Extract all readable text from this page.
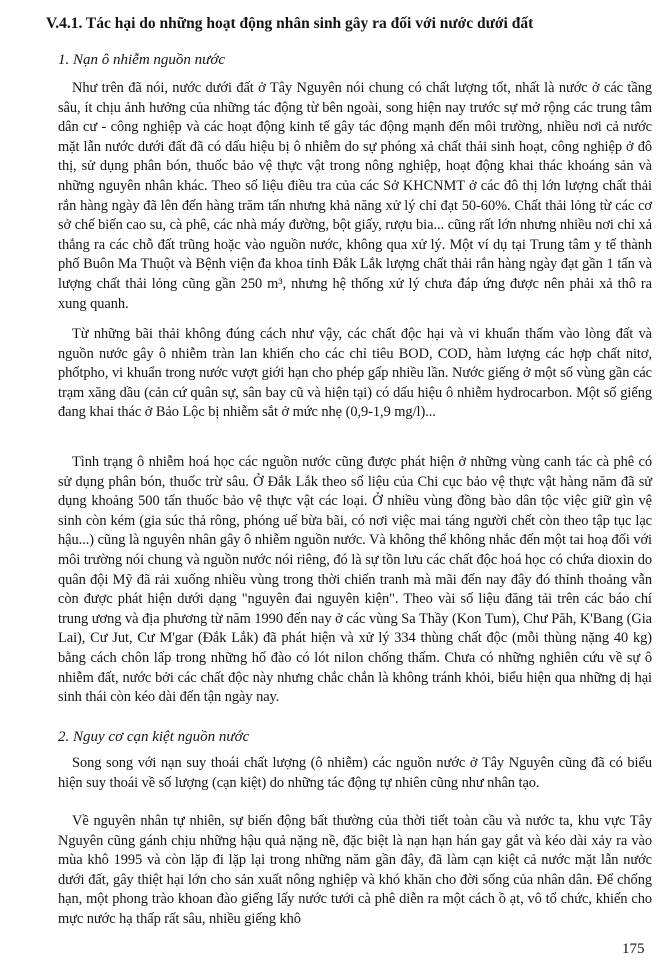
V.4.1. Tác hại do những hoạt động nhân sinh gây ra đối với nước dưới đất
1. Nạn ô nhiễm nguồn nước

Như trên đã nói, nước dưới đất ở Tây Nguyên nói chung có chất lượng tốt, nhất là nước ở các tầng sâu, ít chịu ảnh hưởng của những tác động từ bên ngoài, song hiện nay trước sự mở rộng các trung tâm dân cư - công nghiệp và các hoạt động kinh tế gây tác động mạnh đến môi trường, nhiều nơi cả nước mặt lẫn nước dưới đất đã có dấu hiệu bị ô nhiễm do sự phóng xả chất thải sinh hoạt, công nghiệp ở đô thị, sử dụng phân bón, thuốc bảo vệ thực vật trong nông nghiệp, hoạt động khai thác khoáng sản và những nguyên nhân khác. Theo số liệu điều tra của các Sở KHCNMT ở các đô thị lớn lượng chất thải rắn hàng ngày đã lên đến hàng trăm tấn nhưng khả năng xử lý chỉ đạt 50-60%. Chất thải lỏng từ các cơ sở chế biến cao su, cà phê, các nhà máy đường, bột giấy, rượu bia... cũng rất lớn nhưng nhiều nơi chỉ xả thẳng ra các chỗ đất trũng hoặc vào nguồn nước, không qua xử lý. Một ví dụ tại Trung tâm y tế thành phố Buôn Ma Thuột và Bệnh viện đa khoa tỉnh Đắk Lắk lượng chất thải rắn hàng ngày đạt gần 1 tấn và lượng chất thải lỏng cũng gần 250 m³, nhưng hệ thống xử lý chưa đáp ứng được nên phải xả thô ra xung quanh.

Từ những bãi thải không đúng cách như vậy, các chất độc hại và vi khuẩn thấm vào lòng đất và nguồn nước gây ô nhiễm tràn lan khiến cho các chỉ tiêu BOD, COD, hàm lượng các hợp chất nitơ, phốtpho, vi khuẩn trong nước vượt giới hạn cho phép gấp nhiều lần. Nước giếng ở một số vùng gần các trạm xăng dầu (cản cứ quân sự, sân bay cũ và hiện tại) có dấu hiệu ô nhiễm hydrocarbon. Một số giếng đang khai thác ở Bảo Lộc bị nhiễm sắt ở mức nhẹ (0,9-1,9 mg/l)...

Tình trạng ô nhiễm hoá học các nguồn nước cũng được phát hiện ở những vùng canh tác cà phê có sử dụng phân bón, thuốc trừ sâu. Ở Đắk Lắk theo số liệu của Chi cục bảo vệ thực vật hàng năm đã sử dụng khoảng 500 tấn thuốc bảo vệ thực vật các loại. Ở nhiều vùng đồng bào dân tộc việc giữ gìn vệ sinh còn kém (gia súc thả rông, phóng uế bừa bãi, có nơi việc mai táng người chết còn theo tập tục lạc hậu...) cũng là nguyên nhân gây ô nhiễm nguồn nước. Và không thể không nhắc đến một tai hoạ đối với môi trường nói chung và nguồn nước nói riêng, đó là sự tồn lưu các chất độc hoá học có chứa dioxin do quân đội Mỹ đã rải xuống nhiều vùng trong thời chiến tranh mà mãi đến nay đây đó thỉnh thoảng vẫn còn được phát hiện dưới dạng "nguyên đai nguyên kiện". Theo vài số liệu đăng tải trên các báo chí trung ương và địa phương từ năm 1990 đến nay ở các vùng Sa Thầy (Kon Tum), Chư Păh, K'Bang (Gia Lai), Cư Jut, Cư M'gar (Đắk Lắk) đã phát hiện và xử lý 334 thùng chất độc (mỗi thùng nặng 40 kg) bằng cách chôn lấp trong những hố đào có lót nilon chống thấm. Chưa có những nghiên cứu về sự ô nhiễm đất, nước bởi các chất độc này nhưng chắc chắn là không tránh khỏi, biểu hiện qua những dị hại sinh thái còn kéo dài đến tận ngày nay.

2. Nguy cơ cạn kiệt nguồn nước

Song song với nạn suy thoái chất lượng (ô nhiễm) các nguồn nước ở Tây Nguyên cũng đã có biểu hiện suy thoái về số lượng (cạn kiệt) do những tác động tự nhiên cũng như nhân tạo.

Về nguyên nhân tự nhiên, sự biến động bất thường của thời tiết toàn cầu và nước ta, khu vực Tây Nguyên cũng gánh chịu những hậu quả nặng nề, đặc biệt là nạn hạn hán gay gắt và kéo dài xảy ra vào mùa khô 1995 và còn lặp đi lặp lại trong những năm gần đây, đã làm cạn kiệt cả nước mặt lẫn nước dưới đất, gây thiệt hại lớn cho sản xuất nông nghiệp và khó khăn cho đời sống của nhân dân. Để chống hạn, một phong trào khoan đào giếng lấy nước tưới cà phê diễn ra một cách ồ ạt, vô tổ chức, khiến cho mực nước hạ thấp rất sâu, nhiều giếng khô

175
